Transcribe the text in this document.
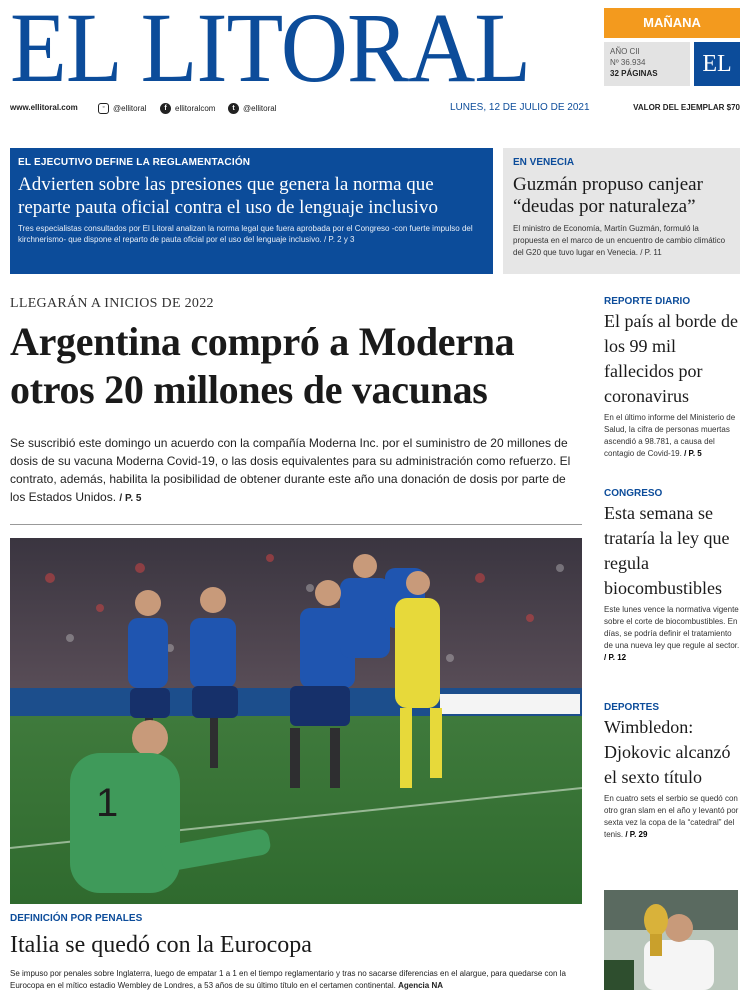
EL LITORAL	MAÑANA
AÑO CII
Nº 36.934
32 PÁGINAS	EL
www.ellitoral.com	◦	@ellitoral	f	ellitoralcom	t	@ellitoral	LUNES, 12 DE JULIO DE 2021	VALOR DEL EJEMPLAR $70
EL EJECUTIVO DEFINE LA REGLAMENTACIÓN
Advierten sobre las presiones que genera la norma que reparte pauta oficial contra el uso de lenguaje inclusivo
Tres especialistas consultados por El Litoral analizan la norma legal que fuera aprobada por el Congreso -con fuerte impulso del kirchnerismo- que dispone el reparto de pauta oficial por el uso del lenguaje inclusivo. / P. 2 y 3
EN VENECIA
Guzmán propuso canjear “deudas por naturaleza”
El ministro de Economía, Martín Guzmán, formuló la propuesta en el marco de un encuentro de cambio climático del G20 que tuvo lugar en Venecia. / P. 11
LLEGARÁN A INICIOS DE 2022
Argentina compró a Moderna otros 20 millones de vacunas
Se suscribió este domingo un acuerdo con la compañía Moderna Inc. por el suministro de 20 millones de dosis de su vacuna Moderna Covid-19, o las dosis equivalentes para su administración como refuerzo. El contrato, además, habilita la posibilidad de obtener durante este año una donación de dosis por parte de los Estados Unidos. / P. 5
1
DEFINICIÓN POR PENALES
Italia se quedó con la Eurocopa
Se impuso por penales sobre Inglaterra, luego de empatar 1 a 1 en el tiempo reglamentario y tras no sacarse diferencias en el alargue, para quedarse con la Eurocopa en el mítico estadio Wembley de Londres, a 53 años de su último título en el certamen continental. Agencia NA
REPORTE DIARIO
El país al borde de los 99 mil fallecidos por coronavirus
En el último informe del Ministerio de Salud, la cifra de personas muertas ascendió a 98.781, a causa del contagio de Covid-19. / P. 5
CONGRESO
Esta semana se trataría la ley que regula biocombustibles
Este lunes vence la normativa vigente sobre el corte de biocombustibles. En días, se podría definir el tratamiento de una nueva ley que regule al sector. / P. 12
DEPORTES
Wimbledon: Djokovic alcanzó el sexto título
En cuatro sets el serbio se quedó con otro gran slam en el año y levantó por sexta vez la copa de la “catedral” del tenis. / P. 29
